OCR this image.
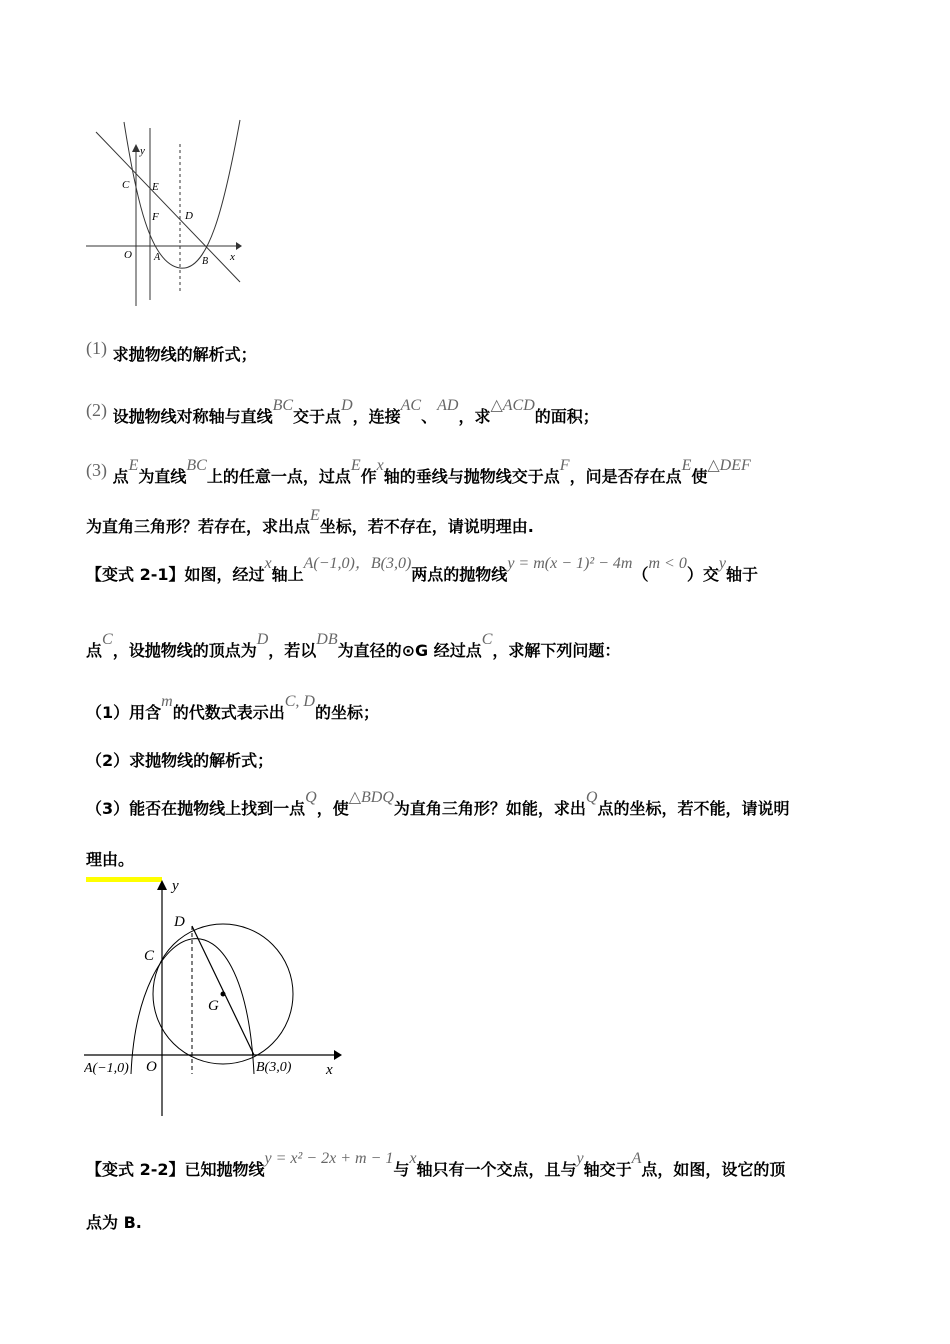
y
C E
F D
O A	B x
(1) 求抛物线的解析式；
(2) 设抛物线对称轴与直线BC交于点D，连接AC、AD，求△ACD的面积；
(3) 点E为直线BC上的任意一点，过点E作x轴的垂线与抛物线交于点F，问是否存在点E使△DEF
为直角三角形？若存在，求出点E坐标，若不存在，请说明理由.
【变式 2-1】如图，经过x轴上A(−1,0)，B(3,0)两点的抛物线y = m(x − 1)² − 4m（m < 0）交y轴于
点C，设抛物线的顶点为D，若以DB为直径的⊙G 经过点C，求解下列问题：
（1）用含m的代数式表示出C, D的坐标；
（2）求抛物线的解析式；
（3）能否在抛物线上找到一点Q，使△BDQ为直角三角形？如能，求出Q点的坐标，若不能，请说明
理由。
y
D
C
G
A(−1,0) O	B(3,0) x
【变式 2-2】已知抛物线y = x² − 2x + m − 1与x轴只有一个交点，且与y轴交于A点，如图，设它的顶
点为 B.
